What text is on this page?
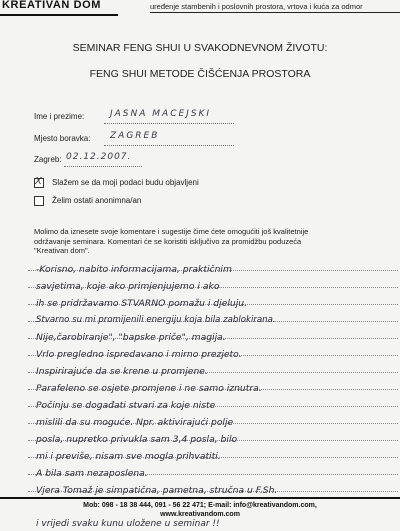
KREATIVAN DOM	uređenje stambenih i poslovnih prostora, vrtova i kuća za odmor
SEMINAR FENG SHUI U SVAKODNEVNOM ŽIVOTU:
FENG SHUI METODE ČIŠĆENJA PROSTORA
Ime i prezime:	JASNA MACEJSKI
Mjesto boravka: ZAGREB
Zagreb: 02.12.2007.
X Slažem se da moji podaci budu objavljeni
Želim ostati anonimna/an
Molimo da iznesete svoje komentare i sugestije čime ćete omogućiti još kvalitetnije održavanje seminara. Komentari će se koristiti isključivo za promidžbu poduzeća "Kreativan dom".
-Korisno, nabito informacijama, praktičnim
savjetima, koje ako primjenjujemo i ako
ih se pridržavamo STVARNO pomažu i djeluju.
Stvarno su mi promijenili energiju koja bila zablokirana.
Nije,čarobiranje", "bapske priče", magija.
Vrlo pregledno ispredavano i mirno prezjeto.
Inspirirajuće da se krene u promjene.
Parafeleno se osjete promjene i ne samo iznutra.
Počinju se događati stvari za koje niste
mislili da su moguće. Npr. aktivirajući polje
posla, nupretko privukla sam 3,4 posla, bilo
mi i previše, nisam sve mogla prihvatiti.
A bila sam nezaposlena.
Vjera Tomaž je simpatična, pametna, stručna u F.Sh.
Mob: 098 - 18 38 444, 091 - 56 22 471; E-mail: info@kreativandom.com,
www.kreativandom.com
i vrijedi svaku kunu uložene u seminar !!
